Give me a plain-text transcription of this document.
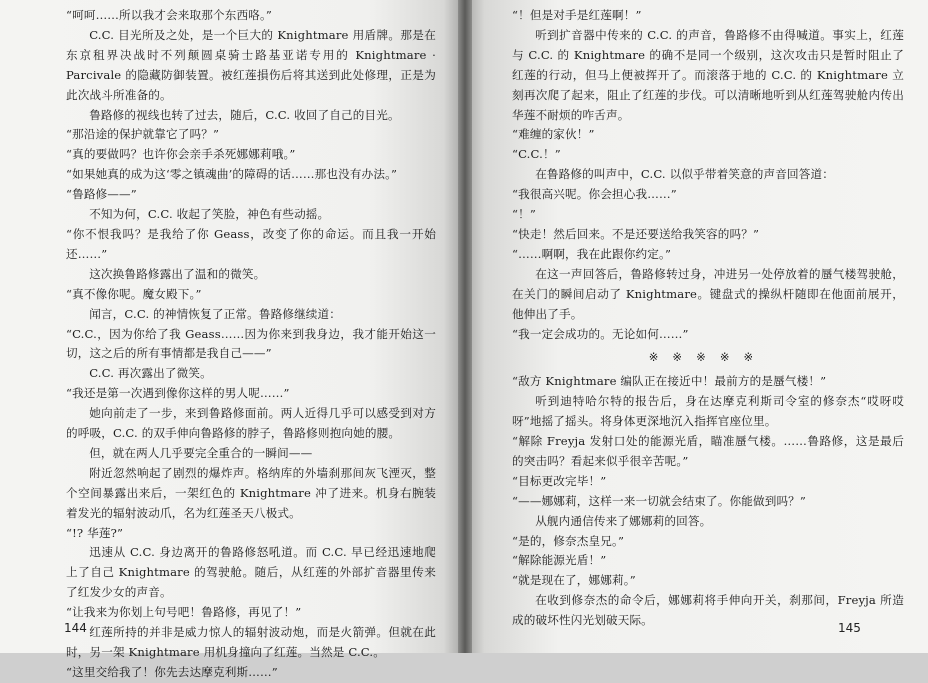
“呵呵……所以我才会来取那个东西咯。”

C.C. 目光所及之处，是一个巨大的 Knightmare 用盾牌。那是在东京租界决战时不列颠圆桌骑士路基亚诺专用的 Knightmare · Parcivale 的隐藏防御装置。被红莲損伤后将其送到此处修理，正是为此次战斗所准备的。

鲁路修的视线也转了过去，随后，C.C. 收回了自己的目光。

“那沿途的保护就靠它了吗？”

“真的要做吗？也许你会亲手杀死娜娜莉哦。”

“如果她真的成为这‘零之镇魂曲’的障碍的话……那也没有办法。”

“鲁路修——”

不知为何，C.C. 收起了笑脸，神色有些动摇。

“你不恨我吗？是我给了你 Geass，改变了你的命运。而且我一开始还……”

这次换鲁路修露出了温和的微笑。

“真不像你呢。魔女殿下。”

闻言，C.C. 的神情恢复了正常。鲁路修继续道：

“C.C.，因为你给了我 Geass……因为你来到我身边，我才能开始这一切，这之后的所有事情都是我自己——”

C.C. 再次露出了微笑。

“我还是第一次遇到像你这样的男人呢……”

她向前走了一步，来到鲁路修面前。两人近得几乎可以感受到对方的呼吸，C.C. 的双手伸向鲁路修的脖子，鲁路修则抱向她的腰。

但，就在两人几乎要完全重合的一瞬间——

附近忽然响起了剧烈的爆炸声。格纳库的外墙刹那间灰飞湮灭，整个空间暴露出来后，一架红色的 Knightmare 冲了进来。机身右腕装着发光的辐射波动爪，名为红莲圣天八极式。

“!? 华莲?”

迅速从 C.C. 身边离开的鲁路修怒吼道。而 C.C. 早已经迅速地爬上了自己 Knightmare 的驾驶舱。随后，从红莲的外部扩音器里传来了红发少女的声音。

“让我来为你划上句号吧！鲁路修，再见了！”

红莲所持的并非是威力惊人的辐射波动炮，而是火箭弹。但就在此时，另一架 Knightmare 用机身撞向了红莲。当然是 C.C.。

“这里交给我了！你先去达摩克利斯……”

144

“！但是对手是红莲啊！”

听到扩音器中传来的 C.C. 的声音，鲁路修不由得喊道。事实上，红莲与 C.C. 的 Knightmare 的确不是同一个级别，这次攻击只是暂时阻止了红莲的行动，但马上便被挥开了。而滚落于地的 C.C. 的 Knightmare 立刻再次爬了起来，阻止了红莲的步伐。可以清晰地听到从红莲驾驶舱内传出华莲不耐烦的咋舌声。

“难缠的家伙！”

“C.C.！”

在鲁路修的叫声中，C.C. 以似乎带着笑意的声音回答道：

“我很高兴呢。你会担心我……”

“！”

“快走！然后回来。不是还要送给我笑容的吗？”

“……啊啊，我在此跟你约定。”

在这一声回答后，鲁路修转过身，冲进另一处停放着的蜃气楼驾驶舱，在关门的瞬间启动了 Knightmare。键盘式的操纵杆随即在他面前展开，他伸出了手。

“我一定会成功的。无论如何……”

※※※※※

“敌方 Knightmare 编队正在接近中！最前方的是蜃气楼！”

听到迪特哈尔特的报告后，身在达摩克利斯司令室的修奈杰“哎呀哎呀”地摇了摇头。将身体更深地沉入指挥官座位里。

“解除 Freyja 发射口处的能源光盾，瞄准蜃气楼。……鲁路修，这是最后的突击吗？看起来似乎很辛苦呢。”

“目标更改完毕！”

“——娜娜莉，这样一来一切就会结束了。你能做到吗？”

从舰内通信传来了娜娜莉的回答。

“是的，修奈杰皇兄。”

“解除能源光盾！”

“就是现在了，娜娜莉。”

在收到修奈杰的命令后，娜娜莉将手伸向开关，刹那间，Freyja 所造成的破坏性闪光划破天际。

145
